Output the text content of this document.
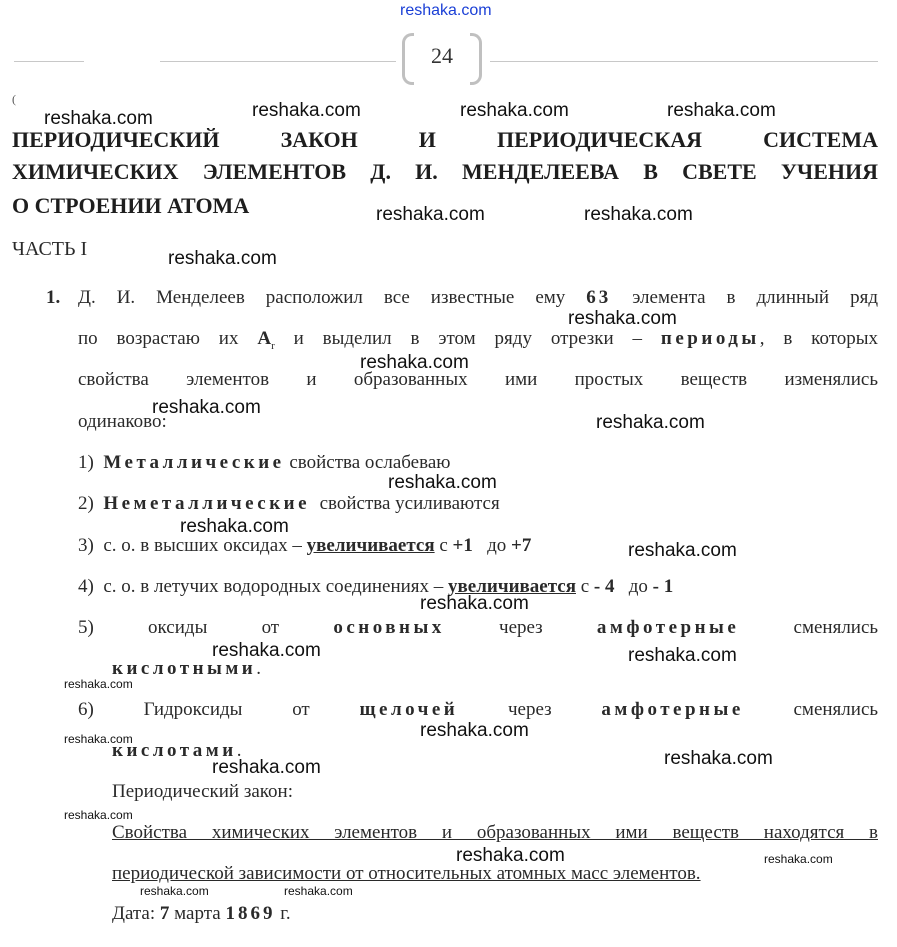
reshaka.com
24
(
ПЕРИОДИЧЕСКИЙ ЗАКОН И ПЕРИОДИЧЕСКАЯ СИСТЕМА
ХИМИЧЕСКИХ ЭЛЕМЕНТОВ Д. И. МЕНДЕЛЕЕВА В СВЕТЕ УЧЕНИЯ
О СТРОЕНИИ АТОМА
ЧАСТЬ I
1. Д. И. Менделеев расположил все известные ему 63 элемента в длинный ряд
по возрастаю их $A_r$ и выделил в этом ряду отрезки – периоды, в которых
свойства элементов и образованных ими простых веществ изменялись
одинаково:
1) Металлические свойства ослабеваю
2) Неметаллические свойства усиливаются
3) с. о. в высших оксидах – увеличивается с +1 до +7
4) с. о. в летучих водородных соединениях – увеличивается с - 4 до - 1
5)	оксиды	от	основных	через	амфотерные	сменялись
кислотными.
6)	Гидроксиды	от	щелочей	через	амфотерные	сменялись
кислотами.
Периодический закон:
Свойства химических элементов и образованных ими веществ находятся в
периодической зависимости от относительных атомных масс элементов.
Дата: 7 марта 1869 г.
reshaka.com	reshaka.com	reshaka.com	reshaka.com
reshaka.com	reshaka.com
reshaka.com
reshaka.com
reshaka.com
reshaka.com
reshaka.com
reshaka.com
reshaka.com
reshaka.com
reshaka.com
reshaka.com	reshaka.com
reshaka.com
reshaka.com
reshaka.com
reshaka.com	reshaka.com
reshaka.com
reshaka.com	reshaka.com
reshaka.com	reshaka.com
